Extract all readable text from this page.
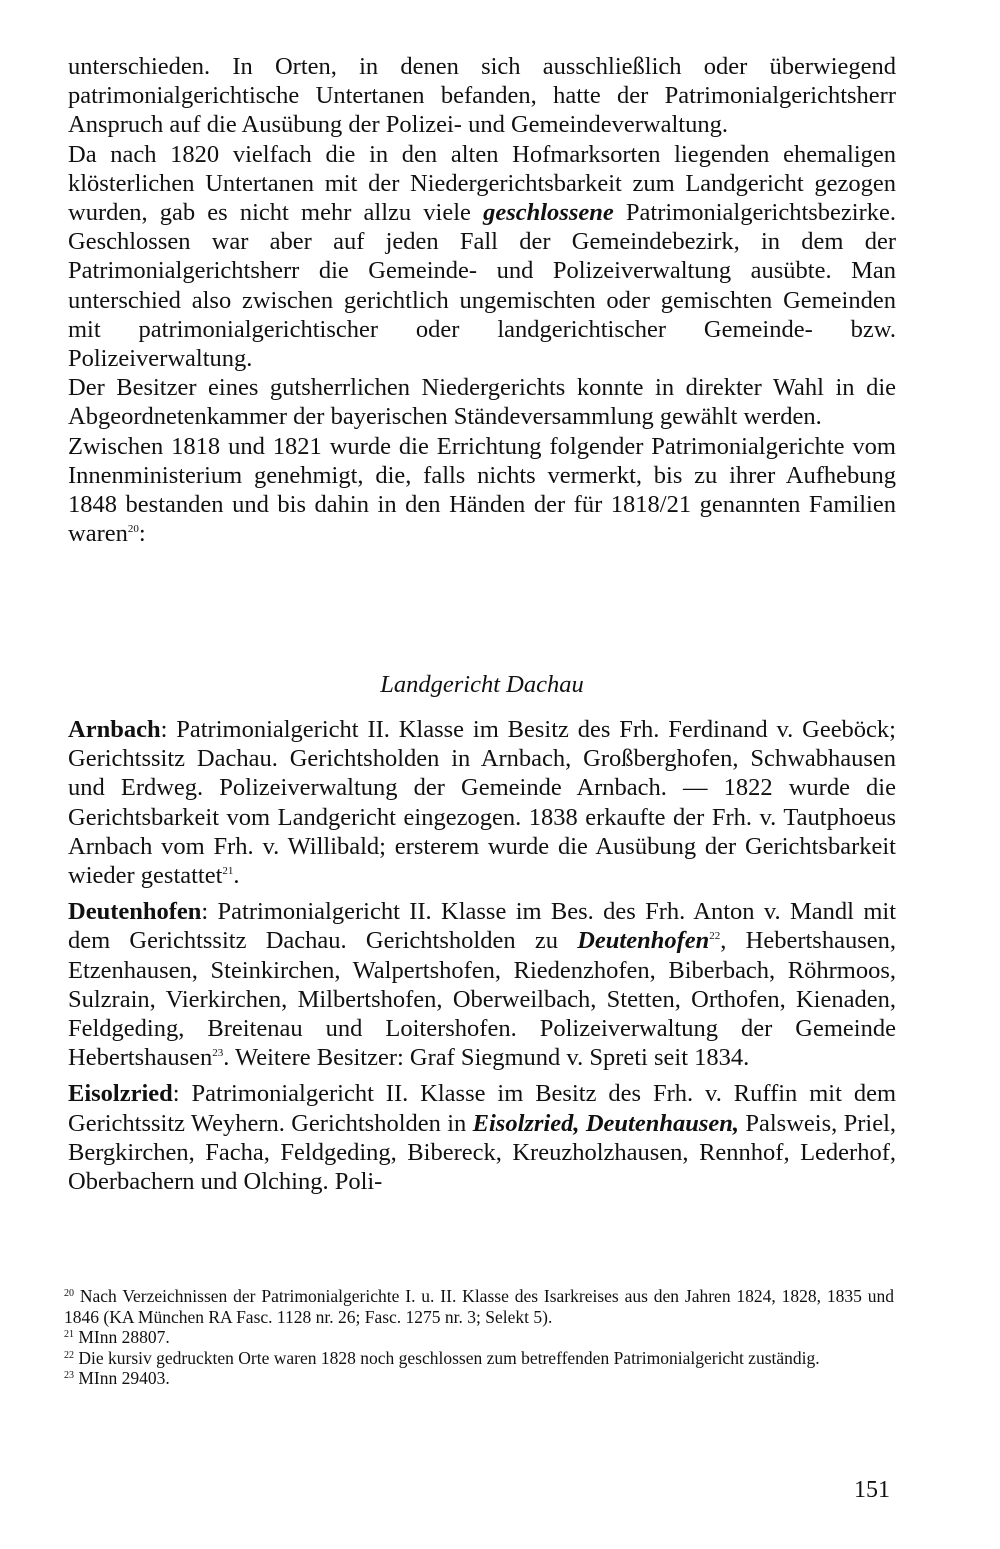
unterschieden. In Orten, in denen sich ausschließlich oder überwiegend patrimonialgerichtische Untertanen befanden, hatte der Patrimonialgerichtsherr Anspruch auf die Ausübung der Polizei- und Gemeindeverwaltung.

Da nach 1820 vielfach die in den alten Hofmarksorten liegenden ehemaligen klösterlichen Untertanen mit der Niedergerichtsbarkeit zum Landgericht gezogen wurden, gab es nicht mehr allzu viele geschlossene Patrimonialgerichtsbezirke. Geschlossen war aber auf jeden Fall der Gemeindebezirk, in dem der Patrimonialgerichtsherr die Gemeinde- und Polizeiverwaltung ausübte. Man unterschied also zwischen gerichtlich ungemischten oder gemischten Gemeinden mit patrimonialgerichtischer oder landgerichtischer Gemeinde- bzw. Polizeiverwaltung.

Der Besitzer eines gutsherrlichen Niedergerichts konnte in direkter Wahl in die Abgeordnetenkammer der bayerischen Ständeversammlung gewählt werden.

Zwischen 1818 und 1821 wurde die Errichtung folgender Patrimonialgerichte vom Innenministerium genehmigt, die, falls nichts vermerkt, bis zu ihrer Aufhebung 1848 bestanden und bis dahin in den Händen der für 1818/21 genannten Familien waren$^{20}$:

Landgericht Dachau

Arnbach: Patrimonialgericht II. Klasse im Besitz des Frh. Ferdinand v. Geeböck; Gerichtssitz Dachau. Gerichtsholden in Arnbach, Großberghofen, Schwabhausen und Erdweg. Polizeiverwaltung der Gemeinde Arnbach. — 1822 wurde die Gerichtsbarkeit vom Landgericht eingezogen. 1838 erkaufte der Frh. v. Tautphoeus Arnbach vom Frh. v. Willibald; ersterem wurde die Ausübung der Gerichtsbarkeit wieder gestattet$^{21}$.

Deutenhofen: Patrimonialgericht II. Klasse im Bes. des Frh. Anton v. Mandl mit dem Gerichtssitz Dachau. Gerichtsholden zu Deutenhofen$^{22}$, Hebertshausen, Etzenhausen, Steinkirchen, Walpertshofen, Riedenzhofen, Biberbach, Röhrmoos, Sulzrain, Vierkirchen, Milbertshofen, Oberweilbach, Stetten, Orthofen, Kienaden, Feldgeding, Breitenau und Loitershofen. Polizeiverwaltung der Gemeinde Hebertshausen$^{23}$. Weitere Besitzer: Graf Siegmund v. Spreti seit 1834.

Eisolzried: Patrimonialgericht II. Klasse im Besitz des Frh. v. Ruffin mit dem Gerichtssitz Weyhern. Gerichtsholden in Eisolzried, Deutenhausen, Palsweis, Priel, Bergkirchen, Facha, Feldgeding, Bibereck, Kreuzholzhausen, Rennhof, Lederhof, Oberbachern und Olching. Poli-

$^{20}$ Nach Verzeichnissen der Patrimonialgerichte I. u. II. Klasse des Isarkreises aus den Jahren 1824, 1828, 1835 und 1846 (KA München RA Fasc. 1128 nr. 26; Fasc. 1275 nr. 3; Selekt 5).

$^{21}$ MInn 28807.

$^{22}$ Die kursiv gedruckten Orte waren 1828 noch geschlossen zum betreffenden Patrimonialgericht zuständig.

$^{23}$ MInn 29403.

151
